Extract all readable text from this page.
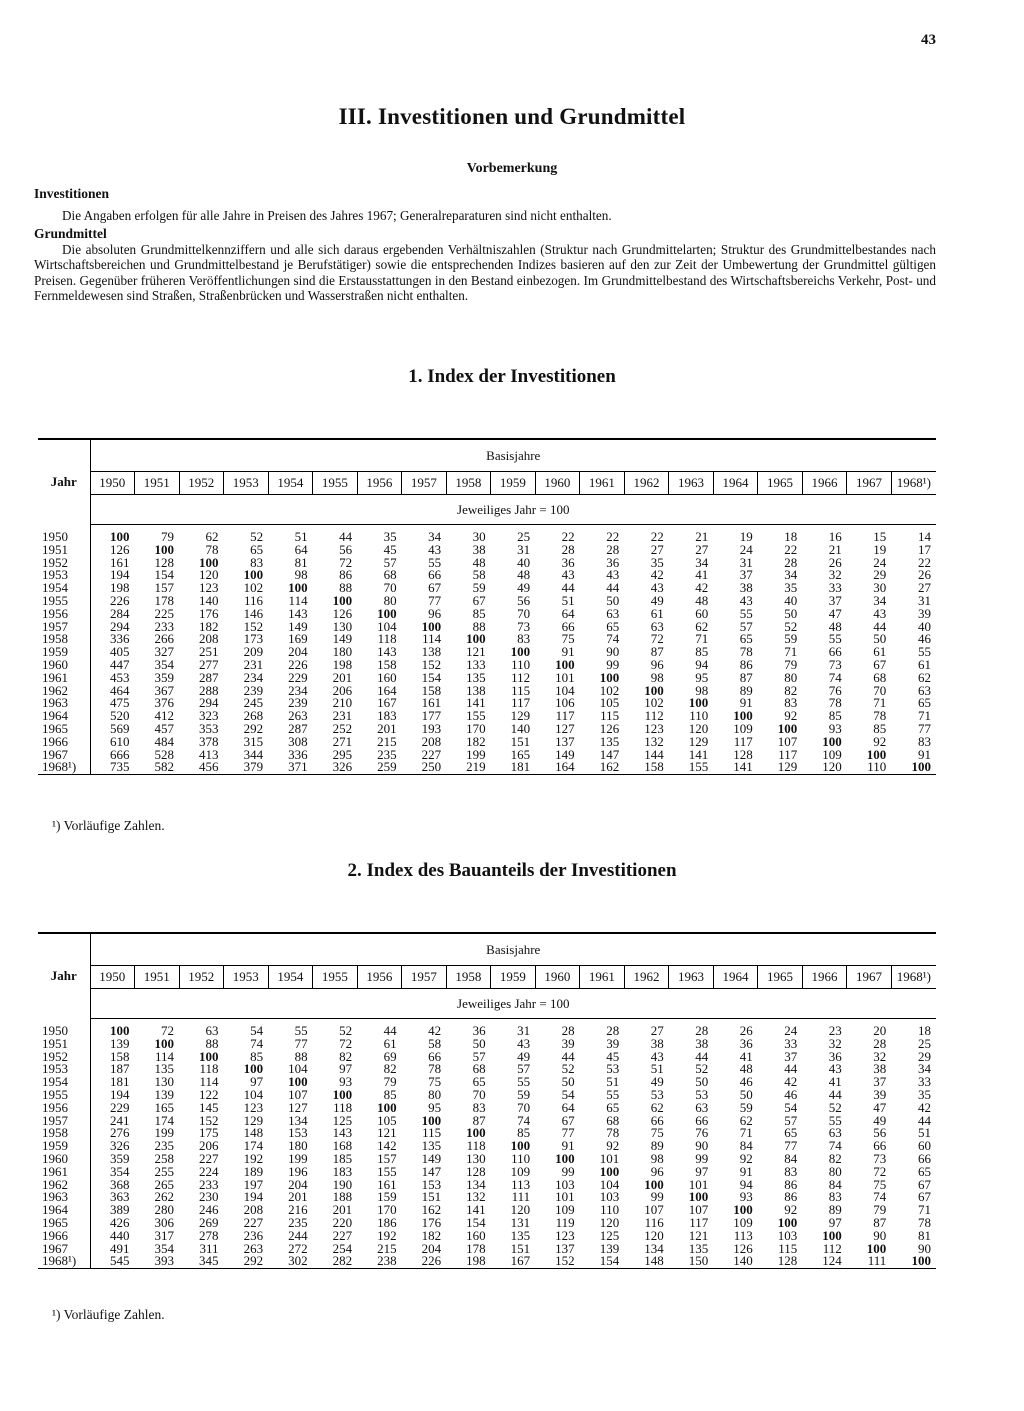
43
III. Investitionen und Grundmittel
Vorbemerkung
Investitionen

Die Angaben erfolgen für alle Jahre in Preisen des Jahres 1967; Generalreparaturen sind nicht enthalten.

Grundmittel

Die absoluten Grundmittelkennziffern und alle sich daraus ergebenden Verhältniszahlen (Struktur nach Grundmittelarten; Struktur des Grundmittelbestandes nach Wirtschaftsbereichen und Grundmittelbestand je Berufstätiger) sowie die entsprechenden Indizes basieren auf den zur Zeit der Umbewertung der Grundmittel gültigen Preisen. Gegenüber früheren Veröffentlichungen sind die Erstausstattungen in den Bestand einbezogen. Im Grundmittelbestand des Wirtschaftsbereichs Verkehr, Post- und Fernmeldewesen sind Straßen, Straßenbrücken und Wasserstraßen nicht enthalten.

1. Index der Investitionen
Jahr	Basisjahre																		
	1950	1951	1952	1953	1954	1955	1956	1957	1958	1959	1960	1961	1962	1963	1964	1965	1966	1967	1968¹)
	Jeweiliges Jahr = 100																		

1950	100	79	62	52	51	44	35	34	30	25	22	22	22	21	19	18	16	15	14
1951	126	100	78	65	64	56	45	43	38	31	28	28	27	27	24	22	21	19	17
1952	161	128	100	83	81	72	57	55	48	40	36	36	35	34	31	28	26	24	22
1953	194	154	120	100	98	86	68	66	58	48	43	43	42	41	37	34	32	29	26
1954	198	157	123	102	100	88	70	67	59	49	44	44	43	42	38	35	33	30	27
1955	226	178	140	116	114	100	80	77	67	56	51	50	49	48	43	40	37	34	31
1956	284	225	176	146	143	126	100	96	85	70	64	63	61	60	55	50	47	43	39
1957	294	233	182	152	149	130	104	100	88	73	66	65	63	62	57	52	48	44	40
1958	336	266	208	173	169	149	118	114	100	83	75	74	72	71	65	59	55	50	46
1959	405	327	251	209	204	180	143	138	121	100	91	90	87	85	78	71	66	61	55
1960	447	354	277	231	226	198	158	152	133	110	100	99	96	94	86	79	73	67	61
1961	453	359	287	234	229	201	160	154	135	112	101	100	98	95	87	80	74	68	62
1962	464	367	288	239	234	206	164	158	138	115	104	102	100	98	89	82	76	70	63
1963	475	376	294	245	239	210	167	161	141	117	106	105	102	100	91	83	78	71	65
1964	520	412	323	268	263	231	183	177	155	129	117	115	112	110	100	92	85	78	71
1965	569	457	353	292	287	252	201	193	170	140	127	126	123	120	109	100	93	85	77
1966	610	484	378	315	308	271	215	208	182	151	137	135	132	129	117	107	100	92	83
1967	666	528	413	344	336	295	235	227	199	165	149	147	144	141	128	117	109	100	91
1968¹)	735	582	456	379	371	326	259	250	219	181	164	162	158	155	141	129	120	110	100
¹) Vorläufige Zahlen.
2. Index des Bauanteils der Investitionen
Jahr	Basisjahre																		
	1950	1951	1952	1953	1954	1955	1956	1957	1958	1959	1960	1961	1962	1963	1964	1965	1966	1967	1968¹)
	Jeweiliges Jahr = 100																		

1950	100	72	63	54	55	52	44	42	36	31	28	28	27	28	26	24	23	20	18
1951	139	100	88	74	77	72	61	58	50	43	39	39	38	38	36	33	32	28	25
1952	158	114	100	85	88	82	69	66	57	49	44	45	43	44	41	37	36	32	29
1953	187	135	118	100	104	97	82	78	68	57	52	53	51	52	48	44	43	38	34
1954	181	130	114	97	100	93	79	75	65	55	50	51	49	50	46	42	41	37	33
1955	194	139	122	104	107	100	85	80	70	59	54	55	53	53	50	46	44	39	35
1956	229	165	145	123	127	118	100	95	83	70	64	65	62	63	59	54	52	47	42
1957	241	174	152	129	134	125	105	100	87	74	67	68	66	66	62	57	55	49	44
1958	276	199	175	148	153	143	121	115	100	85	77	78	75	76	71	65	63	56	51
1959	326	235	206	174	180	168	142	135	118	100	91	92	89	90	84	77	74	66	60
1960	359	258	227	192	199	185	157	149	130	110	100	101	98	99	92	84	82	73	66
1961	354	255	224	189	196	183	155	147	128	109	99	100	96	97	91	83	80	72	65
1962	368	265	233	197	204	190	161	153	134	113	103	104	100	101	94	86	84	75	67
1963	363	262	230	194	201	188	159	151	132	111	101	103	99	100	93	86	83	74	67
1964	389	280	246	208	216	201	170	162	141	120	109	110	107	107	100	92	89	79	71
1965	426	306	269	227	235	220	186	176	154	131	119	120	116	117	109	100	97	87	78
1966	440	317	278	236	244	227	192	182	160	135	123	125	120	121	113	103	100	90	81
1967	491	354	311	263	272	254	215	204	178	151	137	139	134	135	126	115	112	100	90
1968¹)	545	393	345	292	302	282	238	226	198	167	152	154	148	150	140	128	124	111	100
¹) Vorläufige Zahlen.
